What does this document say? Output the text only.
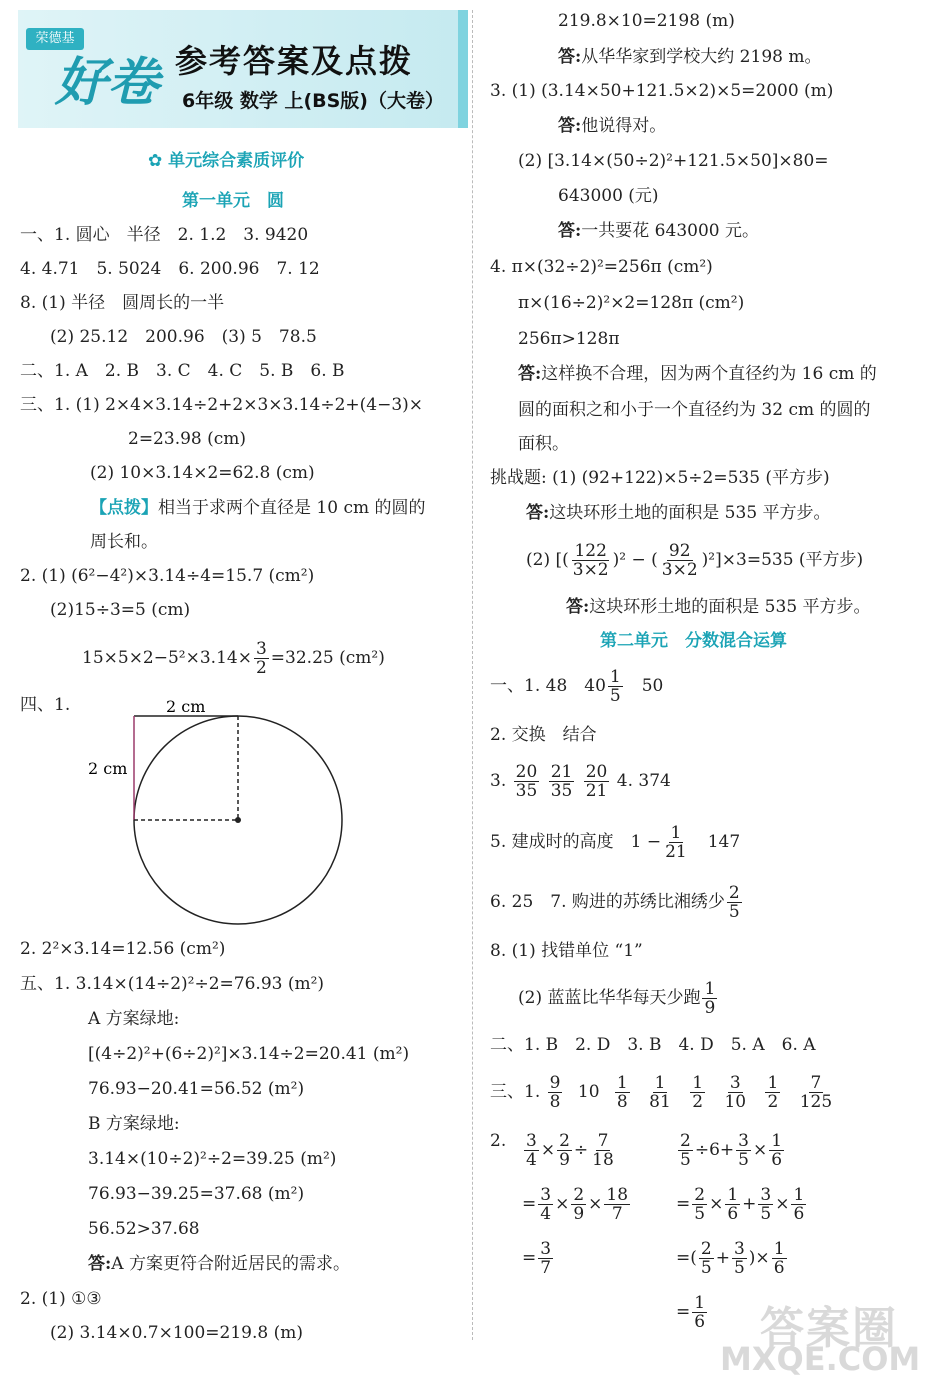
荣德基
好卷 参考答案及点拨
6年级 数学 上(BS版)（大卷）
✿ 单元综合素质评价
第一单元　圆
一、1. 圆心　半径　2. 1.2　3. 9420
4. 4.71　5. 5024　6. 200.96　7. 12
8. (1) 半径　圆周长的一半
(2) 25.12　200.96　(3) 5　78.5
二、1. A　2. B　3. C　4. C　5. B　6. B
三、1. (1) 2×4×3.14÷2+2×3×3.14÷2+(4−3)×
2=23.98 (cm)
(2) 10×3.14×2=62.8 (cm)
【点拨】相当于求两个直径是 10 cm 的圆的
周长和。
2. (1) (6²−4²)×3.14÷4=15.7 (cm²)
(2)15÷3=5 (cm)
$15\times 5\times 2-5^2\times 3.14\times \frac{3}{2} =32.25$ (cm²)
四、1.	2 cm
2 cm
2. 2²×3.14=12.56 (cm²)
五、1. 3.14×(14÷2)²÷2=76.93 (m²)
A 方案绿地:
[(4÷2)²+(6÷2)²]×3.14÷2=20.41 (m²)
76.93−20.41=56.52 (m²)
B 方案绿地:
3.14×(10÷2)²÷2=39.25 (m²)
76.93−39.25=37.68 (m²)
56.52>37.68
答:A 方案更符合附近居民的需求。
2. (1) ①③
(2) 3.14×0.7×100=219.8 (m)
219.8×10=2198 (m)
答:从华华家到学校大约 2198 m。
3. (1) (3.14×50+121.5×2)×5=2000 (m)
答:他说得对。
(2) [3.14×(50÷2)²+121.5×50]×80=
643000 (元)
答:一共要花 643000 元。
4. π×(32÷2)²=256π (cm²)
π×(16÷2)²×2=128π (cm²)
256π>128π
答:这样换不合理，因为两个直径约为 16 cm 的
圆的面积之和小于一个直径约为 32 cm 的圆的
面积。
挑战题: (1) (92+122)×5÷2=535 (平方步)
答:这块环形土地的面积是 535 平方步。
(2) [( $\frac{122}{3\times 2} )^2$ − ( $\frac{92}{3\times 2} )^2]\times 3=535$ (平方步)
答:这块环形土地的面积是 535 平方步。
第二单元　分数混合运算
一、1. 48　$40 \frac{1}{5}$
　 50
2. 交换　结合
3. $\frac{20}{35}$
$\frac{21}{35}$
$\frac{20}{21} 4$. 374
5. 建成时的高度　$1 - \frac{1}{21}$
　 147
6. 25　7. 购进的苏绣比湘绣少 $\frac{2}{5}$
8. (1) 找错单位 “1”
(2) 蓝蓝比华华每天少跑 $\frac{1}{9}$
二、1. B　2. D　3. B　4. D　5. A　6. A
三、1. $\frac{9}{8} 10 \frac{1}{8}$
$\frac{1}{81}$
$\frac{1}{2}$
$\frac{3}{10}$
$\frac{1}{2}$
$\frac{7}{125}$
2. $\frac{3}{4} \times \frac{2}{9} \div \frac{7}{18}$
= $\frac{3}{4} \times \frac{2}{9} \times \frac{18}{7}$
= $\frac{3}{7}$
$\frac{2}{5} \div 6+ \frac{3}{5} \times \frac{1}{6}$
= $\frac{2}{5} \times \frac{1}{6} + \frac{3}{5} \times \frac{1}{6}$
=( $\frac{2}{5} + \frac{3}{5}$ )× $\frac{1}{6}$
= $\frac{1}{6}$ 答案圈
MXQE.COM
